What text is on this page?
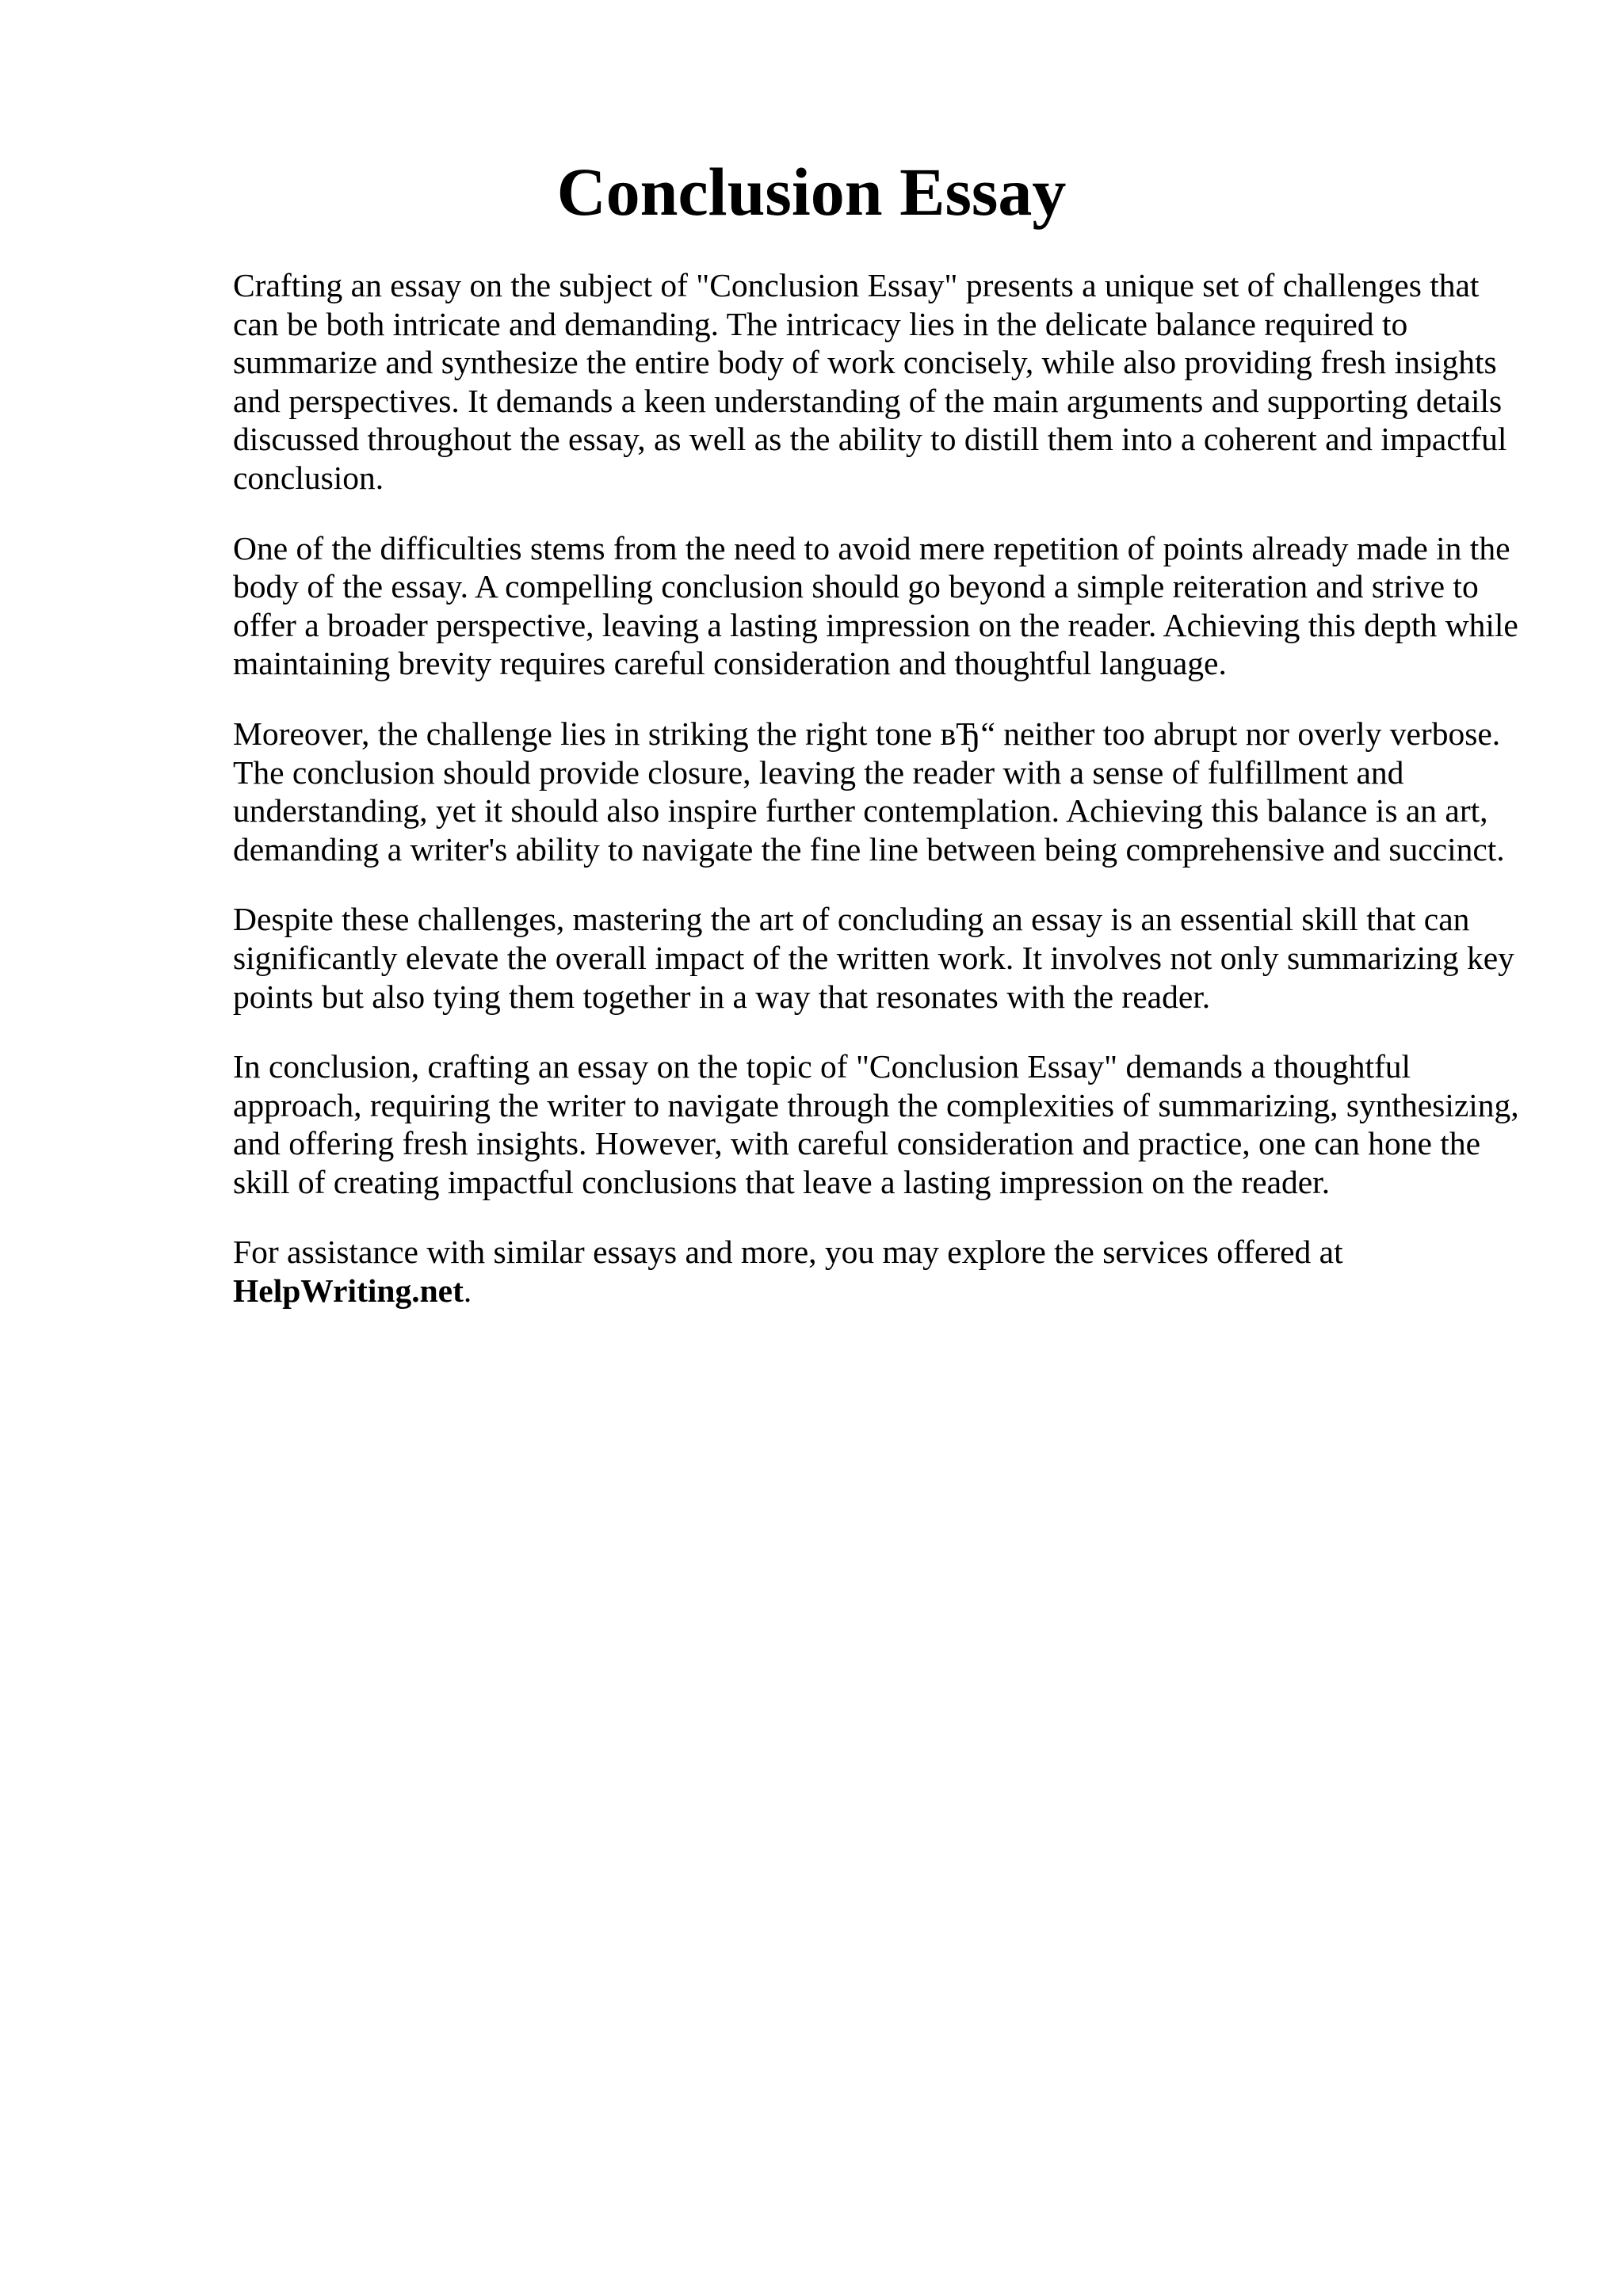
Conclusion Essay

Crafting an essay on the subject of "Conclusion Essay" presents a unique set of challenges that can be both intricate and demanding. The intricacy lies in the delicate balance required to summarize and synthesize the entire body of work concisely, while also providing fresh insights and perspectives. It demands a keen understanding of the main arguments and supporting details discussed throughout the essay, as well as the ability to distill them into a coherent and impactful conclusion.

One of the difficulties stems from the need to avoid mere repetition of points already made in the body of the essay. A compelling conclusion should go beyond a simple reiteration and strive to offer a broader perspective, leaving a lasting impression on the reader. Achieving this depth while maintaining brevity requires careful consideration and thoughtful language.

Moreover, the challenge lies in striking the right tone вЂ“ neither too abrupt nor overly verbose. The conclusion should provide closure, leaving the reader with a sense of fulfillment and understanding, yet it should also inspire further contemplation. Achieving this balance is an art, demanding a writer's ability to navigate the fine line between being comprehensive and succinct.

Despite these challenges, mastering the art of concluding an essay is an essential skill that can significantly elevate the overall impact of the written work. It involves not only summarizing key points but also tying them together in a way that resonates with the reader.

In conclusion, crafting an essay on the topic of "Conclusion Essay" demands a thoughtful approach, requiring the writer to navigate through the complexities of summarizing, synthesizing, and offering fresh insights. However, with careful consideration and practice, one can hone the skill of creating impactful conclusions that leave a lasting impression on the reader.

For assistance with similar essays and more, you may explore the services offered at
HelpWriting.net.
